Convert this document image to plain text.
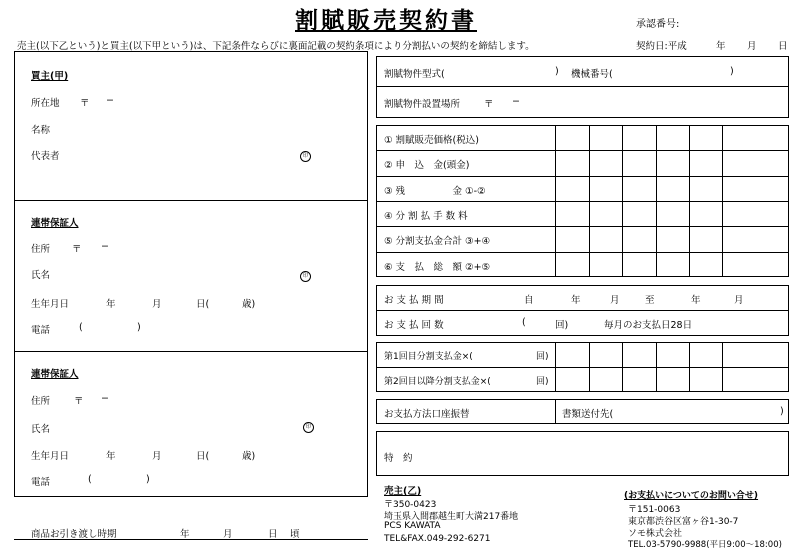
割賦販売契約書	承認番号:
売主(以下乙という)と買主(以下甲という)は、下記条件ならびに裏面記載の契約条項により分割払いの契約を締結します。	契約日:平成	年 月 日
買主(甲)
所在地 〒 −
名称
代表者	印
連帯保証人
住所 〒 −
氏名	印
生年月日	年	月	日(	歳)
電話	(	)
連帯保証人
住所	〒 −
氏名	印
生年月日	年	月	日(	歳)
電話	(	)
商品お引き渡し時期	年	月	日 頃
割賦物件型式(	) 機械番号(	)
割賦物件設置場所	〒 −
① 割賦販売価格(税込)
② 申　込　金(頭金)
③ 残　　　　　金 ①-②
④ 分 割 払 手 数 料
⑤ 分割支払金合計 ③+④
⑥ 支　払　総　額 ②+⑤
お 支 払 期 間	自	年	月	至	年	月
お 支 払 回 数	(	回)	毎月のお支払日28日
第1回目分割支払金×(	回)
第2回目以降分割支払金×(	回)
お支払方法口座振替	書類送付先(	)
特　約
売主(乙)
〒350-0423
埼玉県入間郡越生町大満217番地
PCS KAWATA
TEL&FAX.049-292-6271
(お支払いについてのお問い合せ)
〒151-0063
東京都渋谷区富ヶ谷1-30-7
ソモ株式会社
TEL.03-5790-9988(平日9:00〜18:00)
